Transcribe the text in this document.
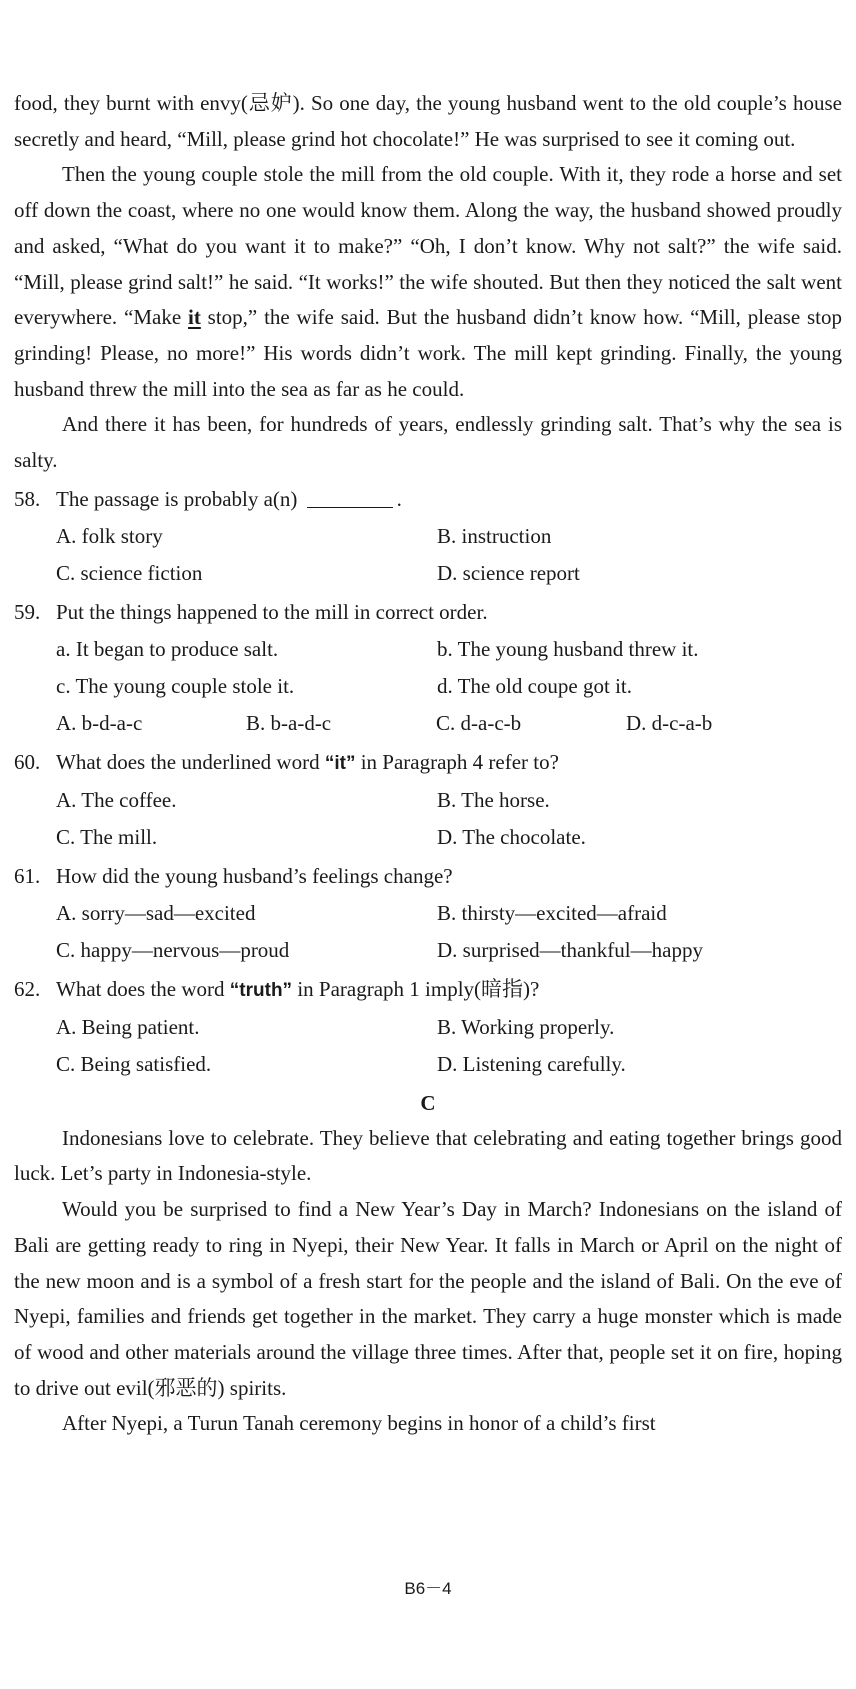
food, they burnt with envy(忌妒). So one day, the young husband went to the old couple’s house secretly and heard, “Mill, please grind hot chocolate!” He was surprised to see it coming out.

Then the young couple stole the mill from the old couple. With it, they rode a horse and set off down the coast, where no one would know them. Along the way, the husband showed proudly and asked, “What do you want it to make?” “Oh, I don’t know. Why not salt?” the wife said. “Mill, please grind salt!” he said. “It works!” the wife shouted. But then they noticed the salt went everywhere. “Make it stop,” the wife said. But the husband didn’t know how. “Mill, please stop grinding! Please, no more!” His words didn’t work. The mill kept grinding. Finally, the young husband threw the mill into the sea as far as he could.

And there it has been, for hundreds of years, endlessly grinding salt. That’s why the sea is salty.

58. The passage is probably a(n)	.
A. folk story	B. instruction
C. science fiction	D. science report
59. Put the things happened to the mill in correct order.
a. It began to produce salt.	b. The young husband threw it.
c. The young couple stole it.	d. The old coupe got it.
A. b-d-a-c	B. b-a-d-c	C. d-a-c-b	D. d-c-a-b
60. What does the underlined word “it” in Paragraph 4 refer to?
A. The coffee.	B. The horse.
C. The mill.	D. The chocolate.
61. How did the young husband’s feelings change?
A. sorry—sad—excited	B. thirsty—excited—afraid
C. happy—nervous—proud	D. surprised—thankful—happy
62. What does the word “truth” in Paragraph 1 imply(暗指)?
A. Being patient.	B. Working properly.
C. Being satisfied.	D. Listening carefully.
C

Indonesians love to celebrate. They believe that celebrating and eating together brings good luck. Let’s party in Indonesia-style.

Would you be surprised to find a New Year’s Day in March? Indonesians on the island of Bali are getting ready to ring in Nyepi, their New Year. It falls in March or April on the night of the new moon and is a symbol of a fresh start for the people and the island of Bali. On the eve of Nyepi, families and friends get together in the market. They carry a huge monster which is made of wood and other materials around the village three times. After that, people set it on fire, hoping to drive out evil(邪恶的) spirits.

After Nyepi, a Turun Tanah ceremony begins in honor of a child’s first

B6－4
